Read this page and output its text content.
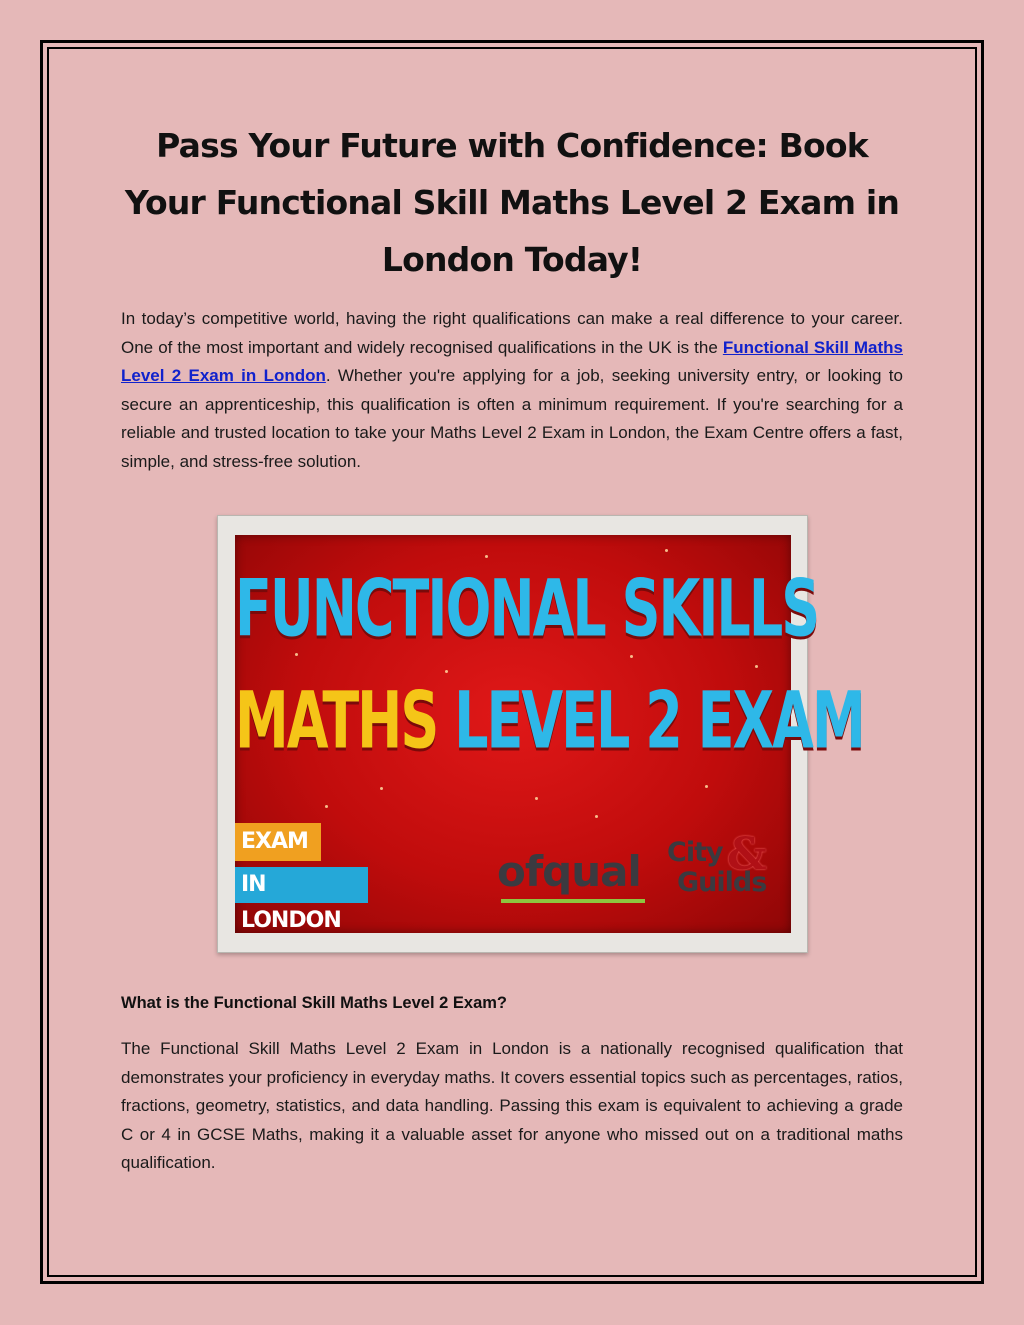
Pass Your Future with Confidence: Book Your Functional Skill Maths Level 2 Exam in London Today!

In today’s competitive world, having the right qualifications can make a real difference to your career. One of the most important and widely recognised qualifications in the UK is the Functional Skill Maths Level 2 Exam in London. Whether you're applying for a job, seeking university entry, or looking to secure an apprenticeship, this qualification is often a minimum requirement. If you're searching for a reliable and trusted location to take your Maths Level 2 Exam in London, the Exam Centre offers a fast, simple, and stress-free solution.

FUNCTIONAL SKILLS
MATHS LEVEL 2 EXAM
EXAM
IN LONDON
ofqual &
City
Guilds
What is the Functional Skill Maths Level 2 Exam?

The Functional Skill Maths Level 2 Exam in London is a nationally recognised qualification that demonstrates your proficiency in everyday maths. It covers essential topics such as percentages, ratios, fractions, geometry, statistics, and data handling. Passing this exam is equivalent to achieving a grade C or 4 in GCSE Maths, making it a valuable asset for anyone who missed out on a traditional maths qualification.
